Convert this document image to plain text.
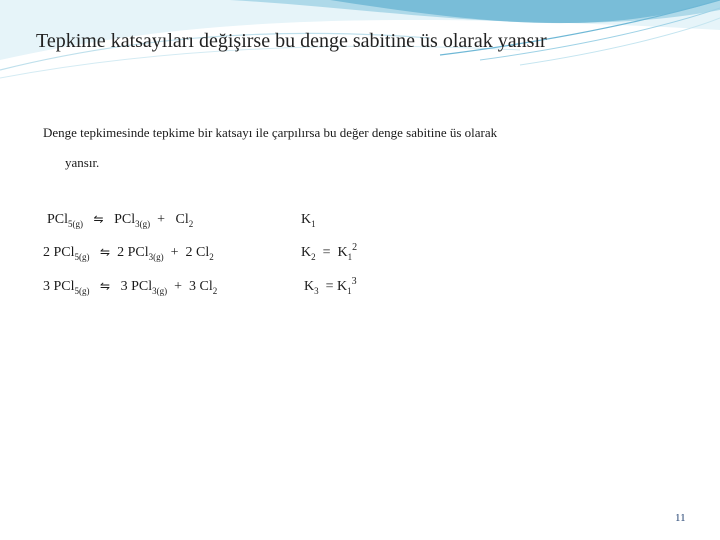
Tepkime katsayıları değişirse bu denge sabitine üs olarak yansır
Denge tepkimesinde tepkime bir katsayı ile çarpılırsa bu değer denge sabitine üs olarak
yansır.
PCl$_{5(g)}$ ⇋ $PCl_{3(g)} + Cl_2$	$K_1$
2 PCl$_{5(g)}$ ⇋ 2 PCl$_{3(g)}$ + 2 $Cl_2$	$K_2 = K_1^2$
3 PCl$_{5(g)}$ ⇋ 3 PCl$_{3(g)}$ + 3 $Cl_2$	$K_3 = K_1^3$
11
